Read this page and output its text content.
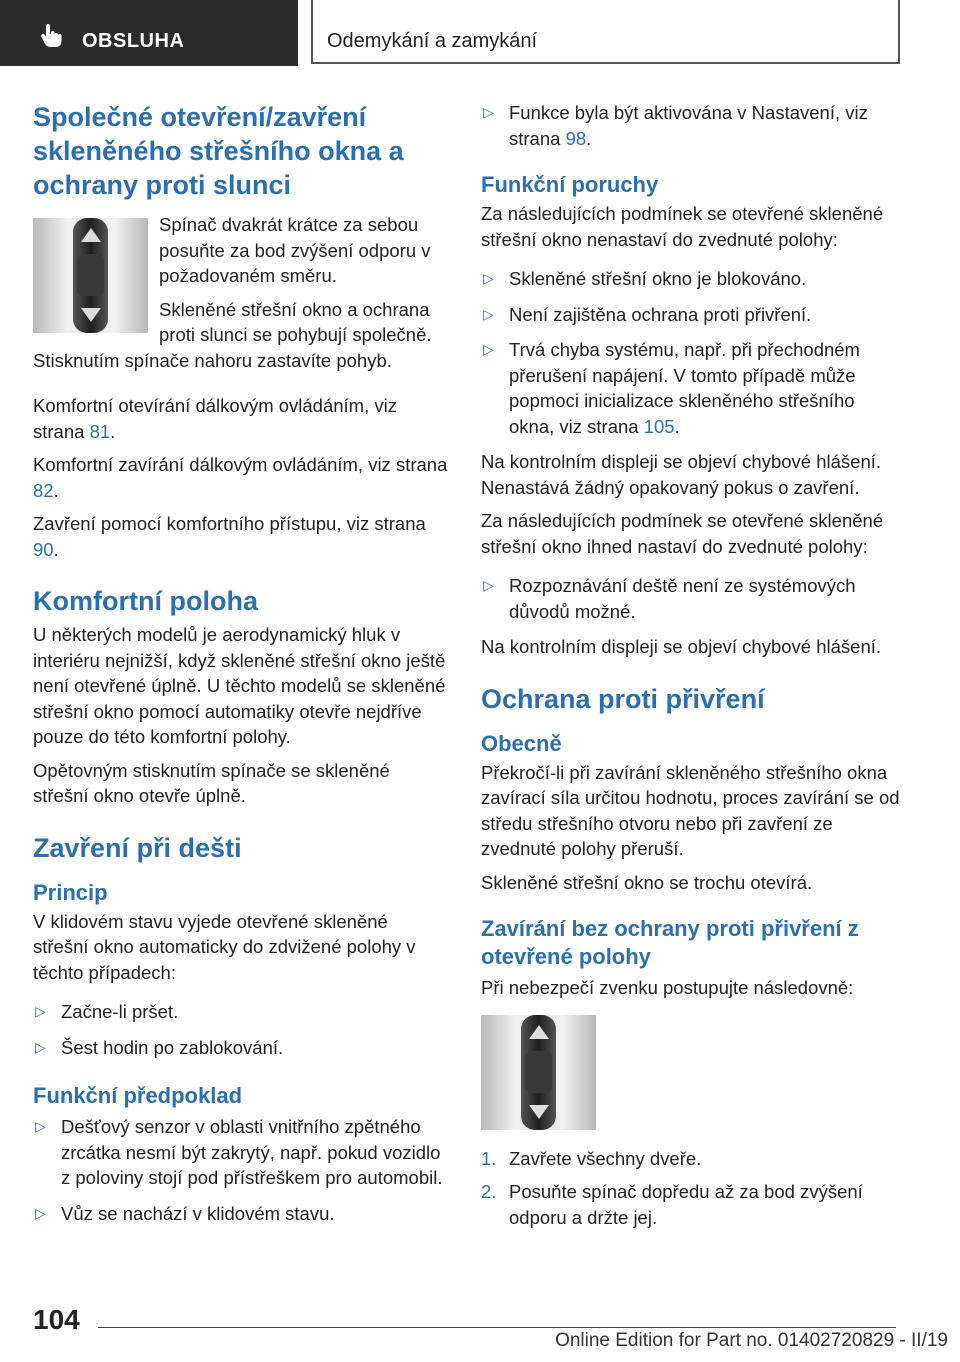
OBSLUHA	Odemykání a zamykání
Společné otevření/zavření skleněného střešního okna a ochrany proti slunci

Spínač dvakrát krátce za sebou posuňte za bod zvýšení odporu v požadovaném směru.

Skleněné střešní okno a ochrana proti slunci se pohybují společně.

Stisknutím spínače nahoru zastavíte pohyb.

Komfortní otevírání dálkovým ovládáním, viz strana 81.

Komfortní zavírání dálkovým ovládáním, viz strana 82.

Zavření pomocí komfortního přístupu, viz strana 90.

Komfortní poloha

U některých modelů je aerodynamický hluk v interiéru nejnižší, když skleněné střešní okno ještě není otevřené úplně. U těchto modelů se skleněné střešní okno pomocí automatiky otevře nejdříve pouze do této komfortní polohy.

Opětovným stisknutím spínače se skleněné střešní okno otevře úplně.

Zavření při dešti
Princip

V klidovém stavu vyjede otevřené skleněné střešní okno automaticky do zdvižené polohy v těchto případech:

▷ Začne-li pršet.
▷ Šest hodin po zablokování.
Funkční předpoklad
▷ Dešťový senzor v oblasti vnitřního zpětného zrcátka nesmí být zakrytý, např. pokud vozidlo z poloviny stojí pod přístřeškem pro automobil.
▷ Vůz se nachází v klidovém stavu.
▷ Funkce byla být aktivována v Nastavení, viz strana 98.
Funkční poruchy

Za následujících podmínek se otevřené skleněné střešní okno nenastaví do zvednuté polohy:

▷ Skleněné střešní okno je blokováno.
▷ Není zajištěna ochrana proti přivření.
▷ Trvá chyba systému, např. při přechodném přerušení napájení. V tomto případě může popmoci inicializace skleněného střešního okna, viz strana 105.

Na kontrolním displeji se objeví chybové hlášení. Nenastává žádný opakovaný pokus o zavření.

Za následujících podmínek se otevřené skleněné střešní okno ihned nastaví do zvednuté polohy:

▷ Rozpoznávání deště není ze systémových důvodů možné.

Na kontrolním displeji se objeví chybové hlášení.

Ochrana proti přivření
Obecně

Překročí-li při zavírání skleněného střešního okna zavírací síla určitou hodnotu, proces zavírání se od středu střešního otvoru nebo při zavření ze zvednuté polohy přeruší.

Skleněné střešní okno se trochu otevírá.

Zavírání bez ochrany proti přivření z otevřené polohy

Při nebezpečí zvenku postupujte následovně:

1. Zavřete všechny dveře.
2. Posuňte spínač dopředu až za bod zvýšení odporu a držte jej.
104
Online Edition for Part no. 01402720829 - II/19
